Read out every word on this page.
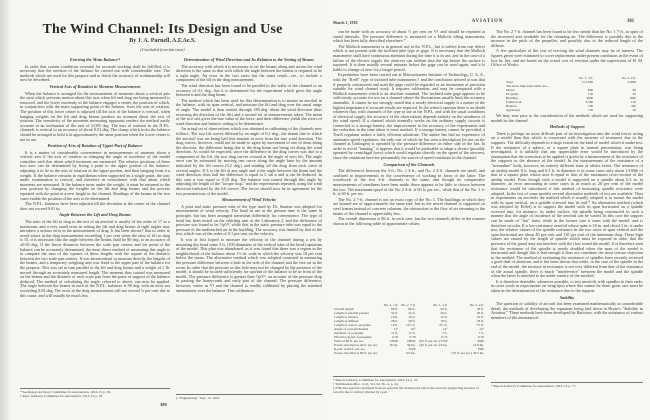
The Wind Channel: Its Design and Use
By J. A. Parnell, A.F.Ae.S.
(Concluded from last issue)
Erecting the Main Balance*

In order that certain conditions essential for accurate working shall be fulfilled, it is necessary that the erection of the balance be carried out with considerable care. The methods which are used for this purpose and to check the accuracy of workmanship will now be described.

Vertical Axis of Rotation in Moment Measurements

When the balance is arranged for the measurement of moments about a vertical axis the strut which prevents motion about this axis when lift and drag are being measured is removed, and the lower extremity of the balance engages a center, the position of which, in conjunction with the main supporting point of the balance, fixes the axis of rotation. The position of this lower center is adjusted till the axis of the balance is vertical, when hanging weights on the lift and drag beams produce no moment about the axis of rotation. The sensitivity of the moments measuring apparatus renders the method easily accurate to an inclination of the axis of 0.005 deg. The axis of rotation in the N.P.L. channels is vertical to an accuracy of about 0.01 deg. The clamp which locks the balance should be arranged to hold it in approximately the same position when the lower center is not in use.

Position of Axis of Rotation of Upper Part of Balance

It is a matter of considerable convenience in measurements of moment about a vertical axis if the axis of rotation in changing the angle of incidence of the model coincides with that about which moments are measured. The relative positions of these two axes can be determined by fixing a point to the upper portion of the balance, adjusting it to lie in the axis of rotation of the upper portion, and then hanging from it a weight. If the balance remains in equilibrium when supported on a single point, the axis under examination is vertical, and therefore in coincidence with that about which moments are measured. If the balance turns under the weight, it must be returned to the zero position by changing the weights on the lift and drag beams and the process repeated with the point at a new height in the channel. Readings of the beams in the two cases enable the position of the axis to be determined.

The N.P.L. balances have been adjusted till the deviation at the center of the channel does not exceed 0.01 in.

Angle Between the Lift and Drag Beams

The ratio of the lift to drag in the test of an aerofoil is usually of the order of 17 as a maximum, and a very small error in setting the lift and drag beams at right angles may introduce a serious error in the measurement of drag. It has been shown† that in order to avoid errors in the drag measurement exceeding 1 per cent when the ratio of lift to drag is 15, it is necessary that the angle between the beams shall be 90 deg. to an accuracy of ±0.03 deg. If the linear distances between the scale pan centers and the point of the balance can be accurately determined, the most direct method of measuring this angle is to compare the sum of the squares of these lengths with the square of the distance between the two scale pan centers. It was inconvenient to measure directly the lengths of the beams, and a temporary weighing arm was fixed to the upper part of the balance for the purpose. This was set in turn parallel to the lift and drag beams and a weight of 1 lb. moved through an accurately measured length. The moment thus caused was measured on the beams and the distance of each scale pan from the point of support of the balance deduced. The method of calculating the angle, referred to above, can now be applied. The angle between the beams in each of the N.P.L. balances is 90 deg. with an error not exceeding 0.03 deg. The error in the drag measurement will not exceed ½ per cent due to this cause, and will usually be much less.

* See Report Advisory Committee for Aeronautics, 1912-13, p. 36.
† Rept. Advisory Committee for Aeronautics, 1912-13, p. 65.
Determination of Wind Direction and Its Relation to the Setting of Beams

The accuracy with which it is necessary to set the beams along and across the wind direction is the same as that with which the angle between the beams is required to be a right angle. An error in the two cases has the same result—viz., to include a component of the lift in the drag measurement.

The wind direction has been found to be parallel to the walls of the channel to an accuracy of 0.1 deg., but it is determined for the experiment which gives the angle between it and the drag beam.

The method which has been used for this determination is to mount an aerofoil in the balance, with its span vertical, and measure the lift and drag over the usual range of angle. The model is then rotated through 180 deg. about the wind direction (thus reversing the direction of the lift) and a second set of measurements taken. The mean of the two sets gives the true value of the force, and their difference yields the errors of wind direction and balance setting to be determined.

An actual set of observations which was obtained in calibrating of the channels now follows. The two lift curves differed by an angle of 0.2 deg., the datum line to which the aerofoil was set being half this amount in error from the true wind direction. The drag curves, however, could not be made to agree by movement of one of them along the abscissa; the difference being due to the drag beam not being set along the wind direction. As would be expected, since the difference in the drag curves was due to a component of the lift, the two drag curves crossed at the angle of zero lift. The angle error can be estimated by moving one curve along the angle base by the amount indicated by the lift curves (0.2 deg.) and reading off the drag from each curve at several angles. If L is the lift at any angle and α the angle between the beam and the wind direction, then half the difference is equal to L sin α and α can be deduced. In this case α was equal to 0.18 deg. The balance was turned through this angle by adjusting the length of the "torque stop," and the experiments repeated, using the wind direction indicated by the lift curves. The forces should now be in agreement for the two presentations of the model.

Measurement of Wind Velocity

A pitot and static pressure tube of the type used by Dr. Stanton was adopted for measurement of wind velocity. The head in use at the present time is the same in principle, but has been arranged somewhat differently for convenience. The type of head has been tested on the whirling arm at the Laboratory,‡ and the difference of pressure was found to be ½ρV², while that in the static pressure tube was equal to the pressure of the undisturbed air in the building. The accuracy was limited by that of the test, which was of the order of 0.1 per cent on the velocity.

It was at first hoped to measure the velocity in the channel during a test by mounting this head some 3 ft. (100 diameters of the vertical tube of the head) upstream of the model. This plan was abandoned, as it was found that there was a region in the neighborhood of the balance about 1½ in. wide in which the velocity was 10 per cent below the mean. The alternative method which was adopted consisted in measuring the pressure difference between a hole in the side of the channel and the free air in the room. In order that the pressure in this hole may not be changed by the presence of the model, it should be located sufficiently far upwind of the balance to be in front of the model. The pressure difference is greater than ½ρV², on account of the pressure drop in passing the honeycomb and early part of the channel. The pressure difference, however, varies as V² and the channel is readily calibrated by placing the standard anemometer over the balance. This calibration

‡ "Engineering," Sept. 13, 1912.
380
March 1, 1918	AVIATION	381

can be made with an accuracy of about ⅓ per cent on V², and should be repeated at stated intervals. The pressure difference is measured on a Mallock tilting manometer, which has been fully described elsewhere.*

The Mallock manometer is in general use at the N.P.L., but it suffers from one defect which is not present with the inclined tube type of gage. It is necessary that the Mallock manometer shall have continuous attention during the time it is in use, and in the case of a failure of the electric supply the observer can seldom shut the tap before the surface is ruptured. It is then usually several minutes before the gage can be used again, and it is liable to change of zero for a longer period.

Experiments have been carried out at Massachusetts Institute of Technology, U. S. A., with the "Krell" type of inclined tube manometer,† and the conclusion arrived at was that if properly constructed and used the gage could be regarded as an instrument of precision suitable for wind channel work. It requires calibration, and may be compared with a Mallock manometer which is an absolute standard. The inclined tube gage appears to be sufficiently accurate for use on a channel where the fluctuations usually limit the accuracy attainable. It cannot be too strongly stated that a steady electrical supply is a matter of the highest importance if accurate results are required. In the writer's opinion there is no doubt whatever that, with channels of the type in use at the N.P.L. and with the usual conditions of electrical supply, the accuracy of the observations depends entirely on the steadiness of the wind speed. If a channel which normally works on the ordinary supply circuits is connected to a storage battery, the improvement in the accuracy of the experiments and the reduction in the time taken is most marked. If a storage battery cannot be provided, a Tirrill regulator makes a fairly efficient substitute. The author has had no experience of automatic speed regulators; the only one of which he has seen a description (in use on the channel at Göttingen) is operated by the pressure difference on either side of the fan. In order to avoid "hunting," it appears that it would be preferable to adopt a device (possibly operated by centrifugal force) which would regulate directly on the speed of the airscrew, since the variations here are presumably the source of speed variations in the channel.

Comparison of the Channels

The differences between the 3-ft., No. 1 4-ft., and No. 2 4-ft. channels are small, and confined to improvements in the convenience of working in favor of the latter. The woodwork of the two 4-ft. channels is the same, and though no comparative measurements of steadiness have been made, there appears to be little to choose between the two. The maximum speed of the No. 2 4-ft. is 60 ft. per sec., while that of the No. 1 4-ft. is 60 ft. per sec.

The No. 2 7-ft. channel is not an exact copy of the No. 1. The buildings in which they are housed are of approximately the same size, but as the newer channel is supported on steel frames instead of concrete columns, the obstruction to the flow of air returning to the intake of the channel is appreciably less.

The overall dimension is 86 ft. in each case, but the two channels differ in the manner shown in the following table of approximate values:

	No. 1, 7 ft.	No. 2, 7 ft.	No. 1, 4 ft.	No. 2, 4 ft.
Overall length	86 ft.	86 ft.	56 ft.	56 ft.
Length of parallel portion	32 ft.	32 ft.	20 ft.	20 ft.
Length to balance	16 ft.	16 ft.	10 ft.	10 ft.
Length of diffuser	28 ft.	28 ft.	18 ft.	18 ft.
Length of cone to propeller	10 ft.	12½ ft.	6½ ft.	7½ ft.
Angle of cone (included)	13°	10°	14°	12°
Diameter of propeller	11 ft.	11 ft.	7 ft.	7 ft.
Effective speed of propeller	0.70	0.78	0.72	0.76
Watts at 60 ft. per sec.	23000	18000	(60 ft. per sec.) 5700	4500
Power absorbed at 40 ft. per sec.	65 hp.	56 hp.	(40 ft. per sec.) 8 hp.	14.8 hp.
R.p.m. at 60 ft. per sec.		1000		1500
Power absorbed at 60 ft. per sec.		110 hp.		(70 ft. per sec.) 36.5 hp.
* Report Advisory Committee for Aeronautics, 1912-13, p. 33.
† Smithsonian Misc. Coll., Vol. 62, No. 4, p. 24.
‡ Effective speed is calculated from air speed in the channel just before the airscrew (neglecting increase of velocity due to inflow) divided by r.p.m.

The No. 2 7-ft. channel has been found to be less steady than the No. 1 7-ft., in spite of the increased area available for the returning air. The difference is possibly due to the increase in the pitch of the propeller, and possibly also to the reduced length of the diffuser.

A few particulars of the cost of erecting the wind channels may be of interest. The figures given were estimated to cover replacement under present conditions in the event of loss by fire, and are based on the actual cost of erection under the supervision of H. M. Office of Works:

	No. 1, 7 ft.	No. 2, 4 ft.
Total	£11,000	£2000
The more important items are—		
Motor	800	80
Propeller	150	65
Building	3000	1000
Framework	2,500	150
Balance	700	300
Apparatus	150	50

We may now pass to the consideration of the methods which are used for supporting models in the channel.

Methods of Support

There is perhaps no more difficult part of an investigation into the wind forces acting on a model than that which is concerned with the increase of resistance due to the supports. The difficulty depends to a large extent on the kind of model which is under test. If the resistance of a sphere, or a square plate in normal presentation, was being investigated, it is unlikely that any appreciable error would be introduced by the assumption that the correction to be applied is given by a measurement of the resistance of the supports in the absence of the model. In the measurement of the resistance of a "streamline" body, however, an entirely different state of affairs exists. The resistance of an airship model 8 ft. long and 0.5 ft. in diameter is in some cases only about 1/100th of that of a square plate whose area is equal to that of the maximum cross-section of the airship model. Even though such a model is supported on a spindle about 0.3 in. in diameter, an error amounting in some cases to as much as 20 per cent of the model resistance would be introduced if this method of measuring spindle resistance were adopted. In the test of some models several alternative methods of test are available. Thus in experiments on aerofoils the method which is usually adopted is to mount the model with its span vertical, on a spindle screwed into its end.* An alternative method (which was adopted by Eiffel) is to support the model with its span horizontal on a spindle screwed into, for instance, its under surface, the spindle being constructed in such a manner that the angle of incidence of the aerofoil can be varied. In this case the support can be made of "fan" form, while in the former case it turns with the model, and is therefore circular. If a low-resistance aerofoil whose span is 18 in. and chord 3 in. is under test, the relative values of the spindle resistance in the two cases of span vertical and the span horizontal are about 40 per cent and 110 per cent of the minimum drag. These high values are caused by the length of spindle which must be exposed in order that the presence of the guard may not interfere with the flow round the model. It is therefore seen that the resistance of the spindle is nearly doubled when the span of the model is horizontal and though this is bad enough it does not constitute the most serious objection to the method. The method of evaluating the resistance of spindles have recently received a good deal of attention, and it has been shown that while, in the case of the spindle in the end of the model, the increase in resistance is not very different from that of the resistance of the actual spindle, there is much "interference" between the model and the spindle when the latter is attached to the under surface of the aerofoil.

It is therefore desirable, whenever possible, to test aerofoils with spindles in their ends; in cases (such as experiments on wing tips) where this cannot be done, great care must be taken in the determination of the resistance due to the support.

Stability

The question of stability of aircraft has been examined mathematically in considerable detail, the methods of developing the equations being laid down in Bryan's "Stability in Aviation." These methods have been developed by Bairstow, with the assistance of various members of the aeronautical

* Report Advisory Committee for Aeronautics, 1912-13, p. 77.
